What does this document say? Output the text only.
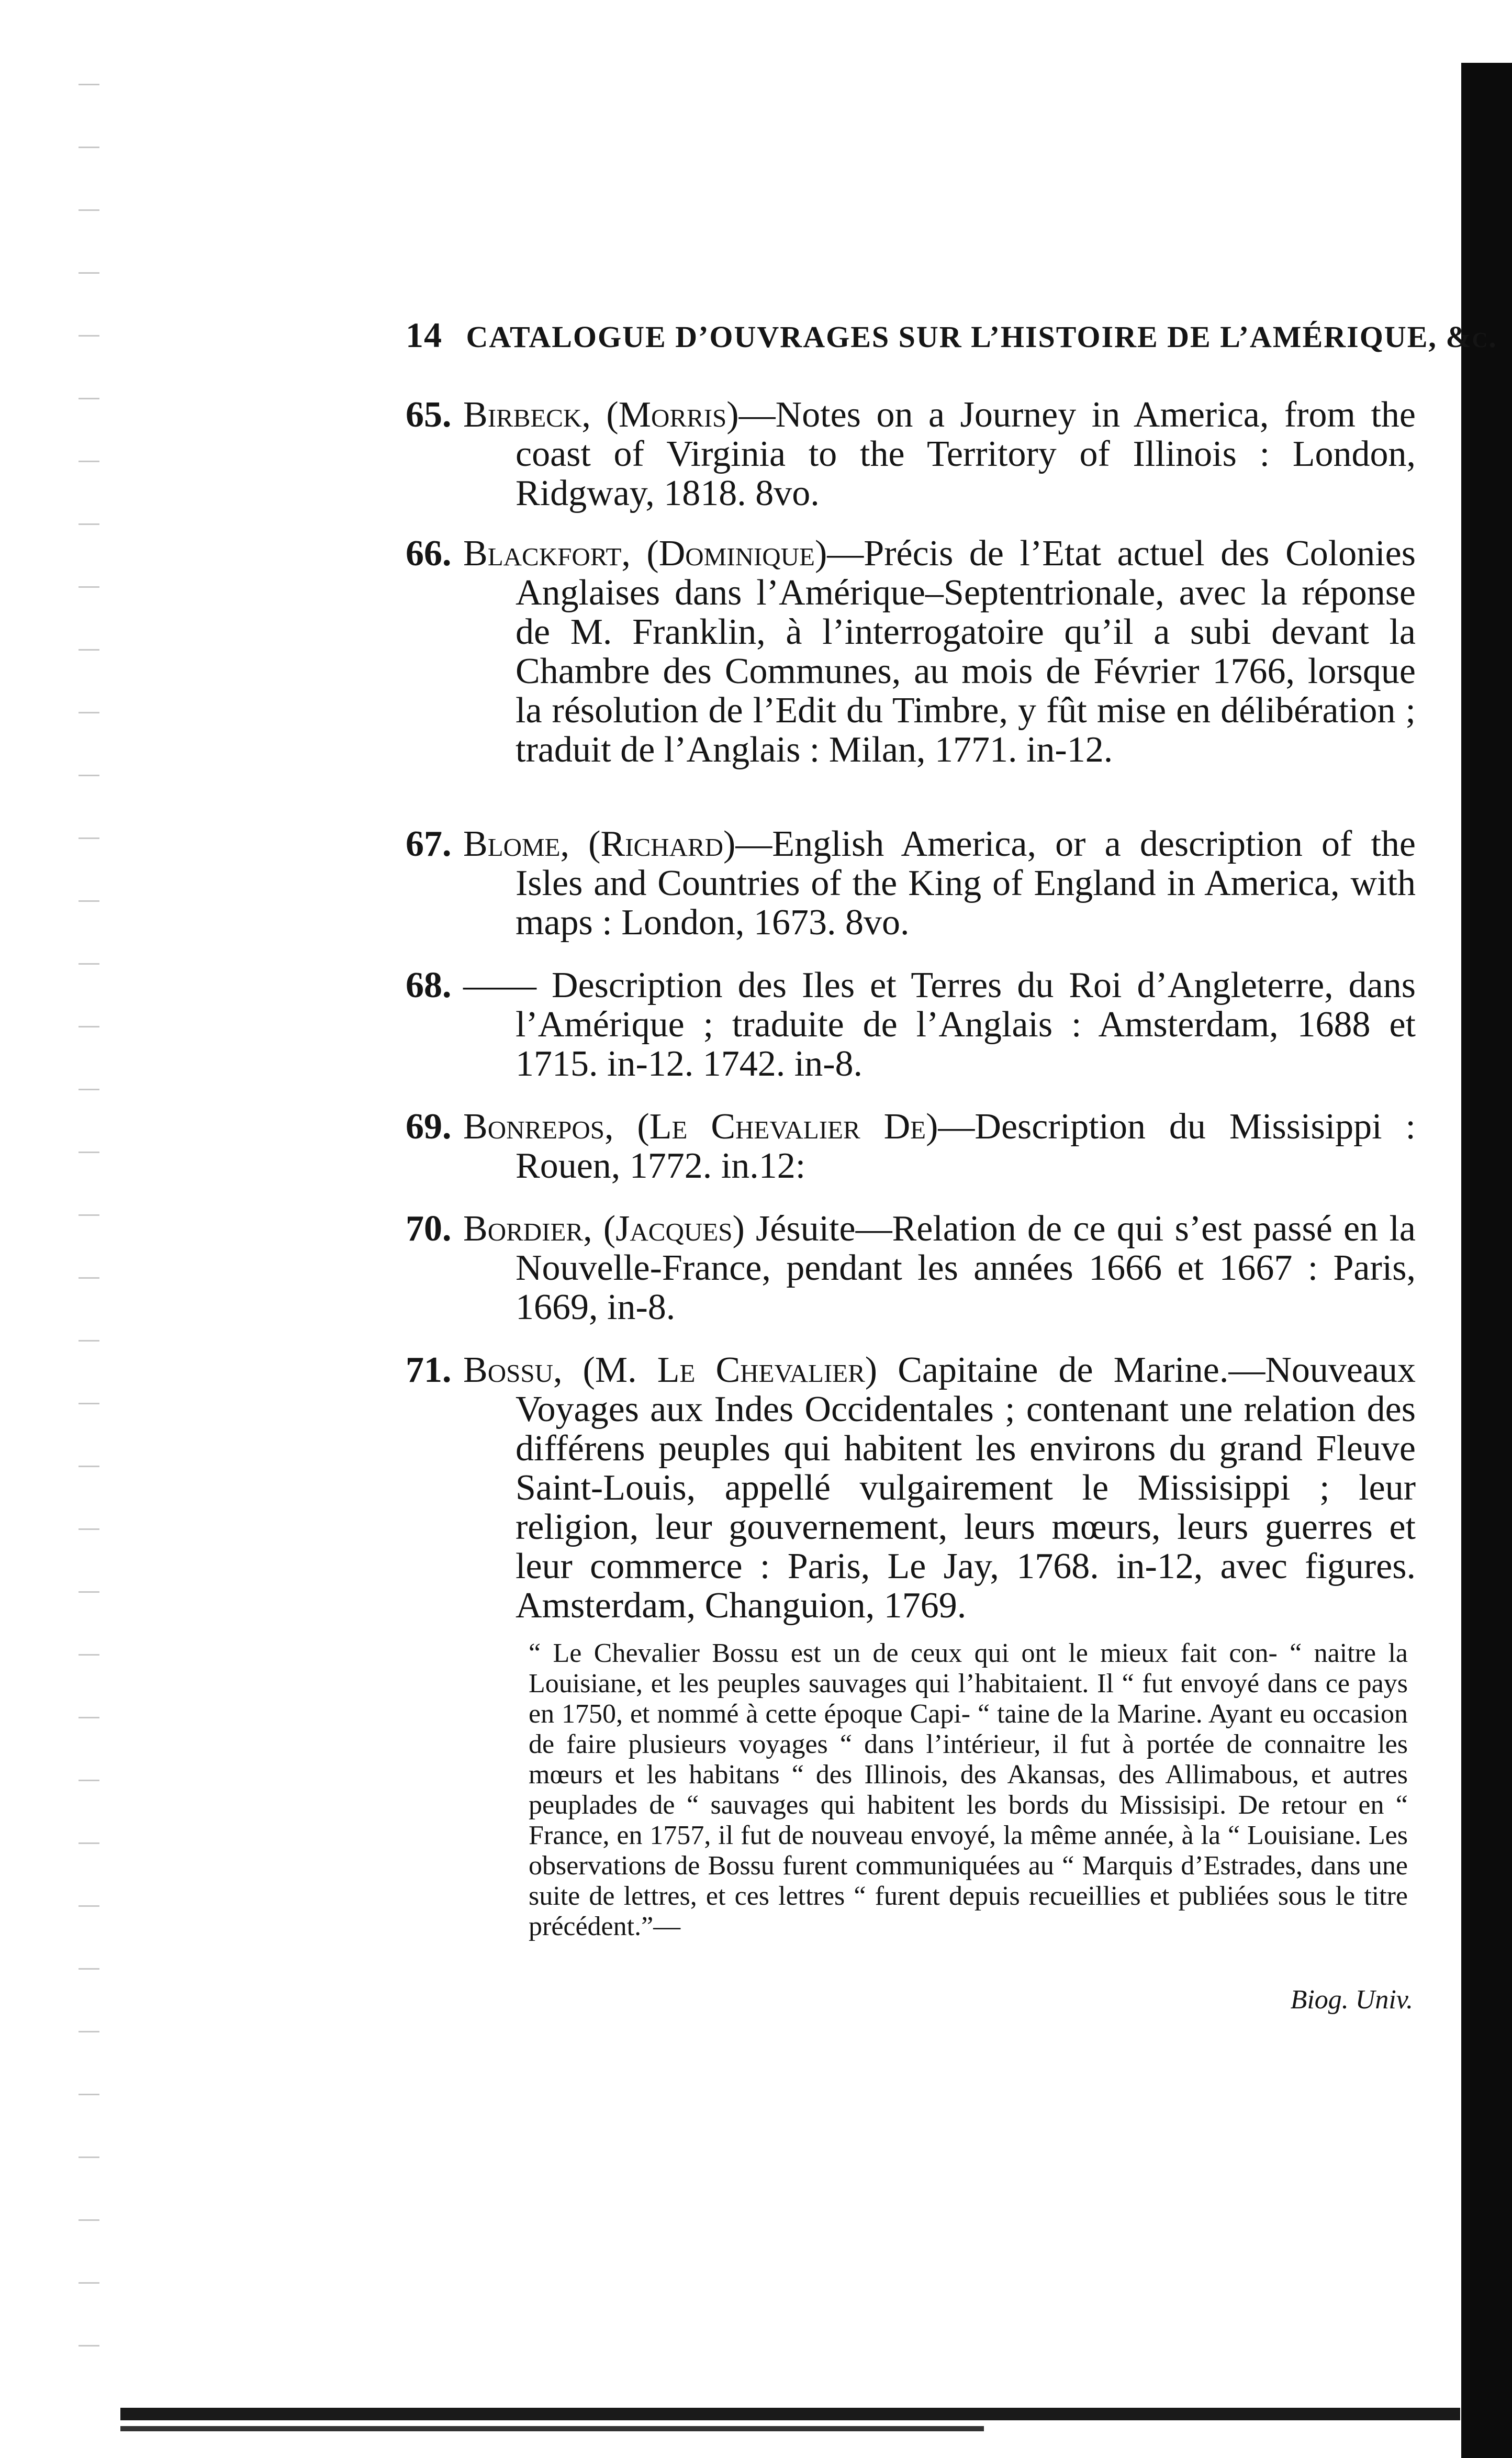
14 CATALOGUE D’OUVRAGES SUR L’HISTOIRE DE L’AMÉRIQUE, &c.
65. Birbeck, (Morris)—Notes on a Journey in America, from the coast of Virginia to the Territory of Illinois : London, Ridgway, 1818. 8vo.
66. Blackfort, (Dominique)—Précis de l’Etat actuel des Colonies Anglaises dans l’Amérique–Septentrionale, avec la réponse de M. Franklin, à l’interrogatoire qu’il a subi devant la Chambre des Communes, au mois de Février 1766, lorsque la résolution de l’Edit du Timbre, y fût mise en délibération ; traduit de l’Anglais : Milan, 1771. in-12.
67. Blome, (Richard)—English America, or a description of the Isles and Countries of the King of England in America, with maps : London, 1673. 8vo.
68. —— Description des Iles et Terres du Roi d’Angleterre, dans l’Amérique ; traduite de l’Anglais : Amsterdam, 1688 et 1715. in-12. 1742. in-8.
69. Bonrepos, (Le Chevalier De)—Description du Missisippi : Rouen, 1772. in.12:
70. Bordier, (Jacques) Jésuite—Relation de ce qui s’est passé en la Nouvelle-France, pendant les années 1666 et 1667 : Paris, 1669, in-8.
71. Bossu, (M. Le Chevalier) Capitaine de Marine.—Nouveaux Voyages aux Indes Occidentales ; contenant une relation des différens peuples qui habitent les environs du grand Fleuve Saint-Louis, appellé vulgairement le Missisippi ; leur religion, leur gouvernement, leurs mœurs, leurs guerres et leur commerce : Paris, Le Jay, 1768. in-12, avec figures. Amsterdam, Changuion, 1769.
“ Le Chevalier Bossu est un de ceux qui ont le mieux fait con- “ naitre la Louisiane, et les peuples sauvages qui l’habitaient. Il “ fut envoyé dans ce pays en 1750, et nommé à cette époque Capi- “ taine de la Marine. Ayant eu occasion de faire plusieurs voyages “ dans l’intérieur, il fut à portée de connaitre les mœurs et les habitans “ des Illinois, des Akansas, des Allimabous, et autres peuplades de “ sauvages qui habitent les bords du Missisipi. De retour en “ France, en 1757, il fut de nouveau envoyé, la même année, à la “ Louisiane. Les observations de Bossu furent communiquées au “ Marquis d’Estrades, dans une suite de lettres, et ces lettres “ furent depuis recueillies et publiées sous le titre précédent.”—
Biog. Univ.
